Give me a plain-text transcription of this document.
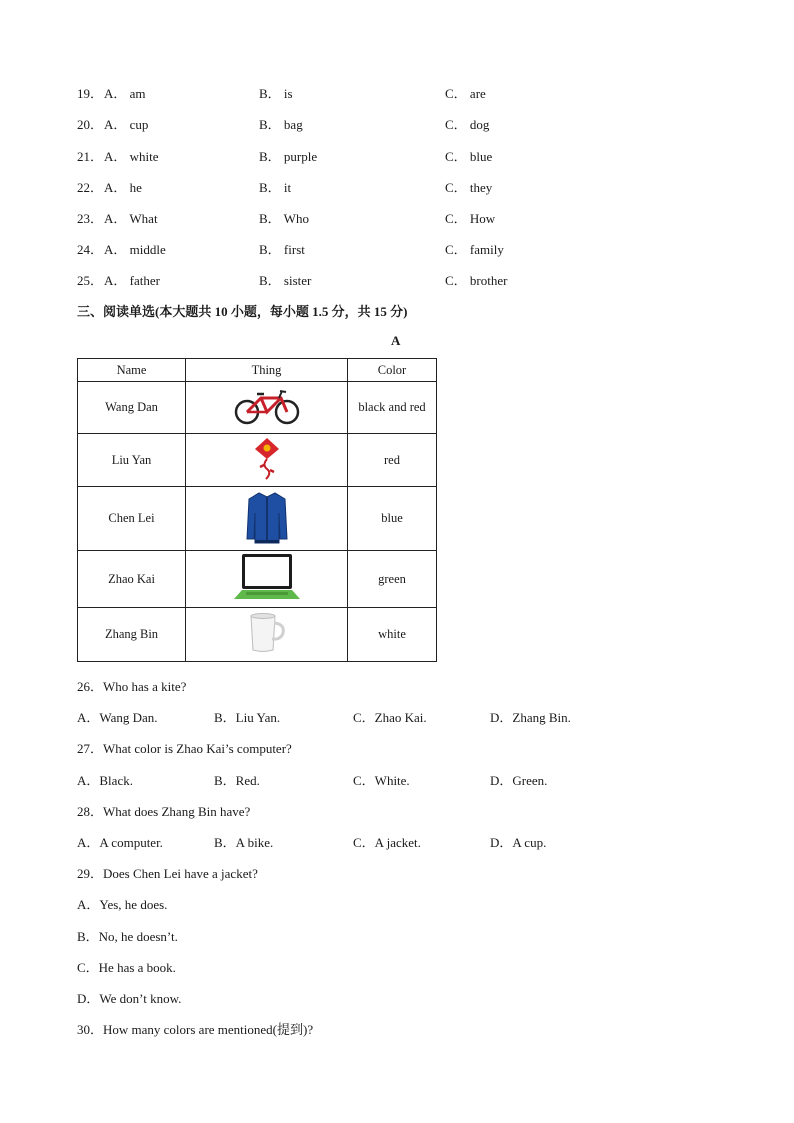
19． A． am	B． is	C． are
20． A． cup	B． bag	C． dog
21． A． white	B． purple	C． blue
22． A． he	B． it	C． they
23． A． What	B． Who	C． How
24． A． middle	B． first	C． family
25． A． father	B． sister	C． brother
三、阅读单选(本大题共 10 小题，每小题 1.5 分，共 15 分)
A
Name	Thing	Color
Wang Dan		black and red
Liu Yan		red
Chen Lei		blue
Zhao Kai		green
Zhang Bin		white
26．Who has a kite?
A．Wang Dan.	B．Liu Yan.	C．Zhao Kai.	D．Zhang Bin.
27．What color is Zhao Kai’s computer?
A．Black.	B．Red.	C．White.	D．Green.
28．What does Zhang Bin have?
A．A computer.	B．A bike.	C．A jacket.	D．A cup.
29．Does Chen Lei have a jacket?
A．Yes, he does.
B．No, he doesn’t.
C．He has a book.
D．We don’t know.
30．How many colors are mentioned(提到)?
